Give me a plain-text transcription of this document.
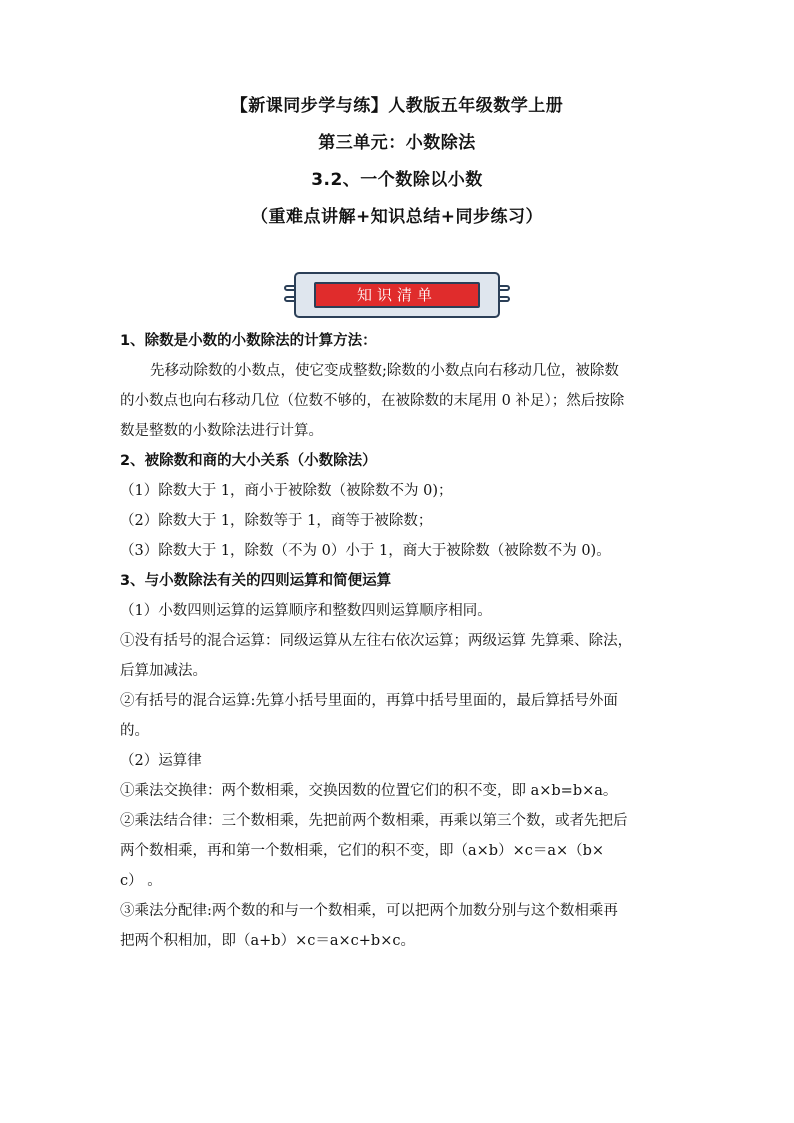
【新课同步学与练】人教版五年级数学上册
第三单元：小数除法
3.2、一个数除以小数
（重难点讲解+知识总结+同步练习）
知识清单
1、除数是小数的小数除法的计算方法：
先移动除数的小数点，使它变成整数;除数的小数点向右移动几位，被除数
的小数点也向右移动几位（位数不够的，在被除数的末尾用 0 补足）；然后按除
数是整数的小数除法进行计算。
2、被除数和商的大小关系（小数除法）
（1）除数大于 1，商小于被除数（被除数不为 0)；
（2）除数大于 1，除数等于 1，商等于被除数；
（3）除数大于 1，除数（不为 0）小于 1，商大于被除数（被除数不为 0)。
3、与小数除法有关的四则运算和简便运算
（1）小数四则运算的运算顺序和整数四则运算顺序相同。
①没有括号的混合运算：同级运算从左往右依次运算；两级运算 先算乘、除法，
后算加减法。
②有括号的混合运算:先算小括号里面的，再算中括号里面的，最后算括号外面
的。
（2）运算律
①乘法交换律：两个数相乘，交换因数的位置它们的积不变，即 a×b=b×a。
②乘法结合律：三个数相乘，先把前两个数相乘，再乘以第三个数，或者先把后
两个数相乘，再和第一个数相乘，它们的积不变，即（a×b）×c＝a×（b×
c） 。
③乘法分配律:两个数的和与一个数相乘，可以把两个加数分别与这个数相乘再
把两个积相加，即（a+b）×c＝a×c+b×c。
